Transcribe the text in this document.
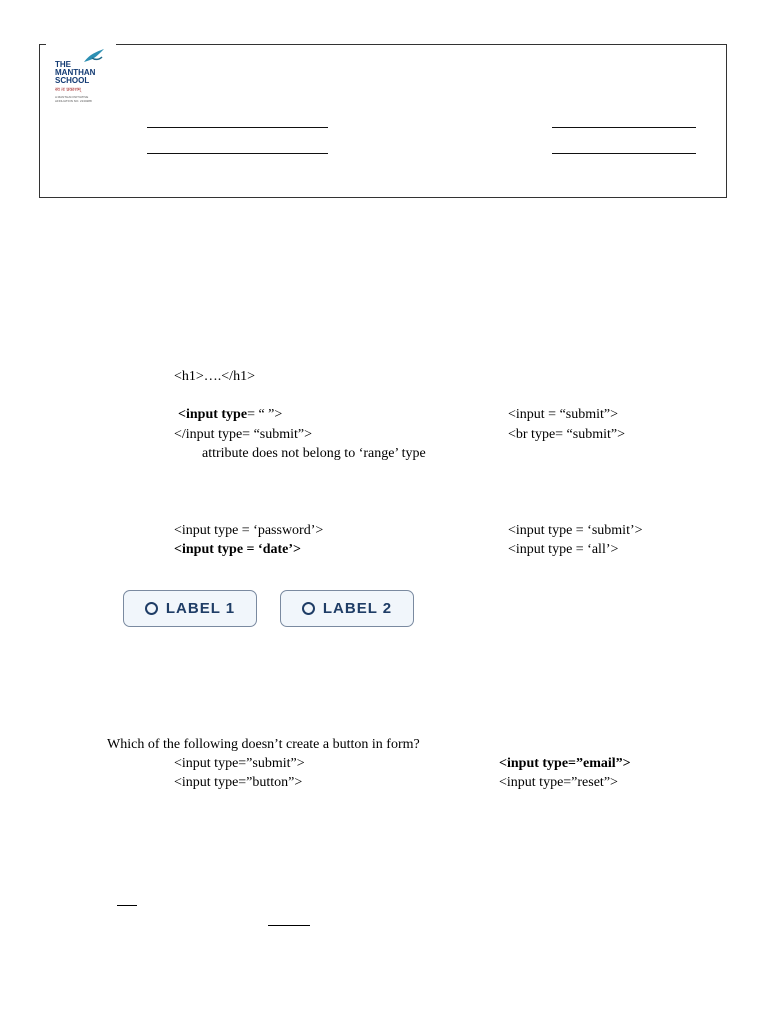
THE
MANTHAN
SCHOOL
स्व तः प्रकाशम्
A MANTHAN INITIATIVE
AFFILIATION NO. 2130288
<h1>….</h1>
<input type= “ ”>	<input = “submit”>
</input type= “submit”>	<br type= “submit”>
attribute does not belong to ‘range’ type
<input type = ‘password’>	<input type = ‘submit’>
<input type = ‘date’>	<input type = ‘all’>
LABEL 1	LABEL 2
Which of the following doesn’t create a button in form?
<input type=”submit”>	<input type=”email”>
<input type=”button”>	<input type=”reset”>
